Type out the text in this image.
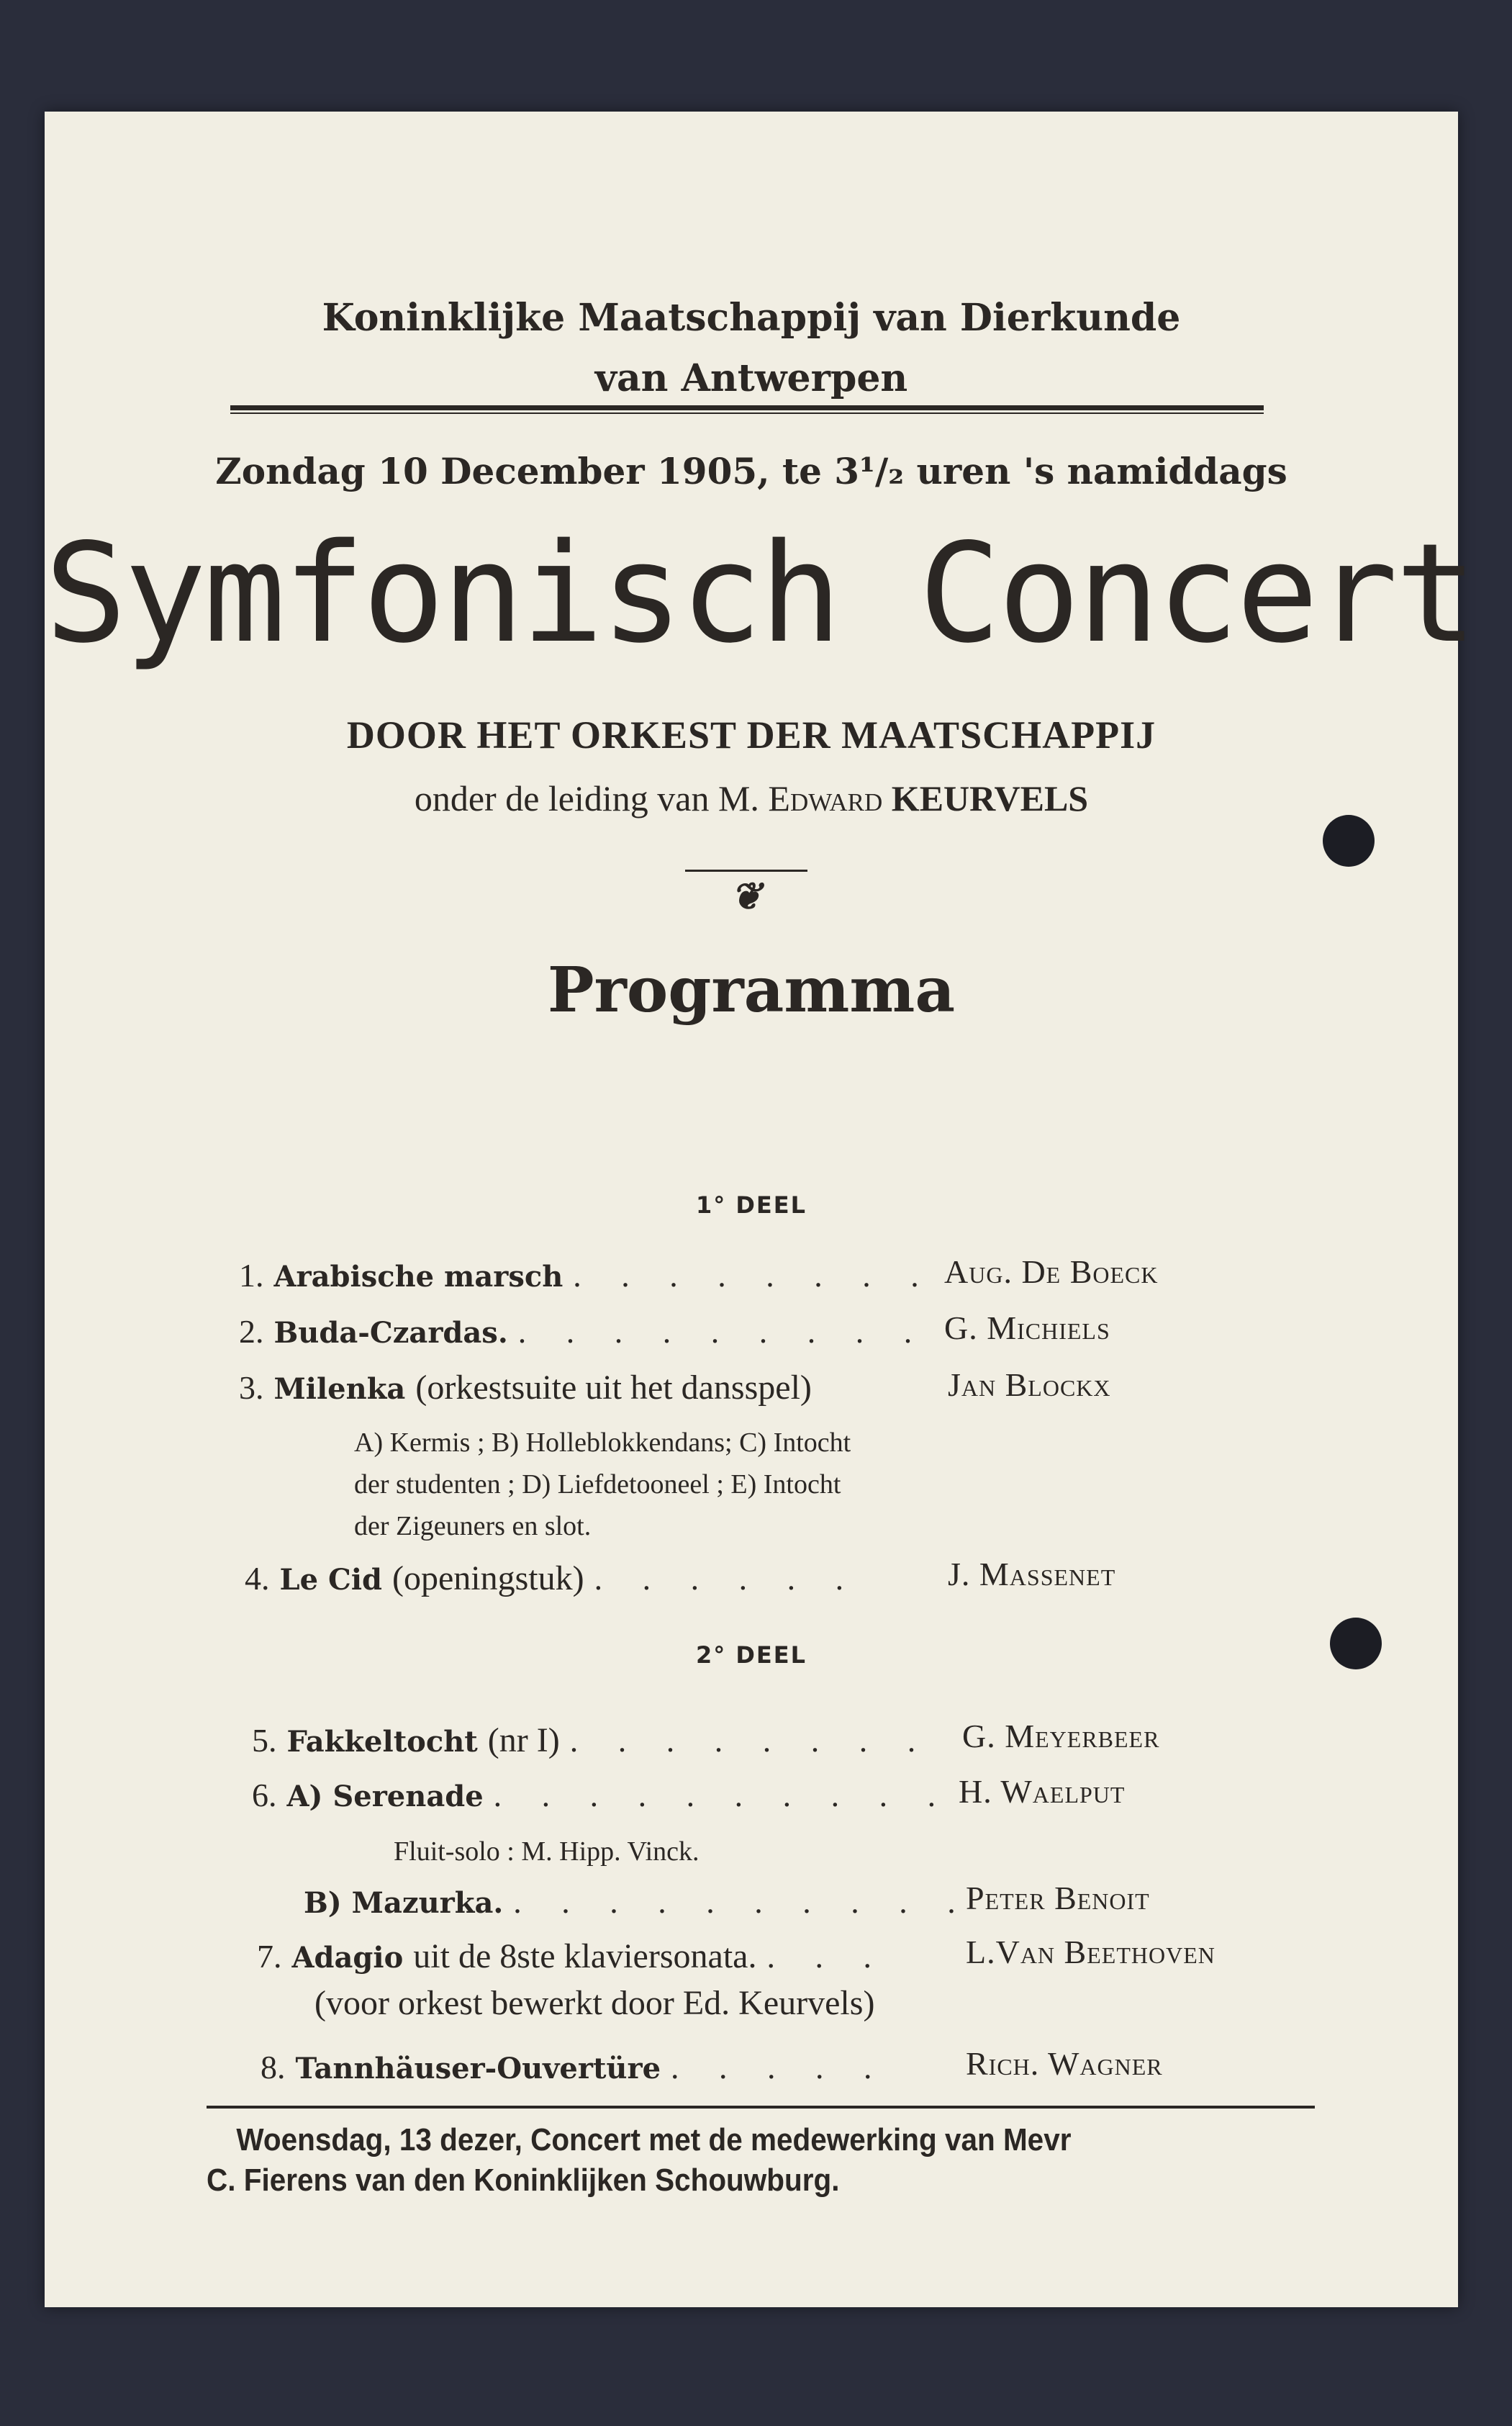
Koninklijke Maatschappij van Dierkunde
van Antwerpen
Zondag 10 December 1905, te 3¹/₂ uren 's namiddags
Symfonisch Concert
DOOR HET ORKEST DER MAATSCHAPPIJ
onder de leiding van M. Edward KEURVELS
❦
Programma
1° DEEL
1. Arabische marsch . . . . . . . . Aug. De Boeck
2. Buda-Czardas. . . . . . . . . . G. Michiels
3. Milenka (orkestsuite uit het dansspel)	Jan Blockx
A) Kermis ; B) Holleblokkendans; C) Intocht
der studenten ; D) Liefdetooneel ; E) Intocht
der Zigeuners en slot.
4. Le Cid (openingstuk) . . . . . .	J. Massenet
2° DEEL
5. Fakkeltocht (nr I) . . . . . . . . G. Meyerbeer
6. A) Serenade . . . . . . . . . . H. Waelput
Fluit-solo : M. Hipp. Vinck.
B) Mazurka. . . . . . . . . . .
Peter Benoit
7. Adagio uit de 8ste klaviersonata. . . . L.Van Beethoven
(voor orkest bewerkt door Ed. Keurvels)
8. Tannhäuser-Ouvertüre . . . . . Rich. Wagner
Woensdag, 13 dezer, Concert met de medewerking van Mevr
C. Fierens van den Koninklijken Schouwburg.
